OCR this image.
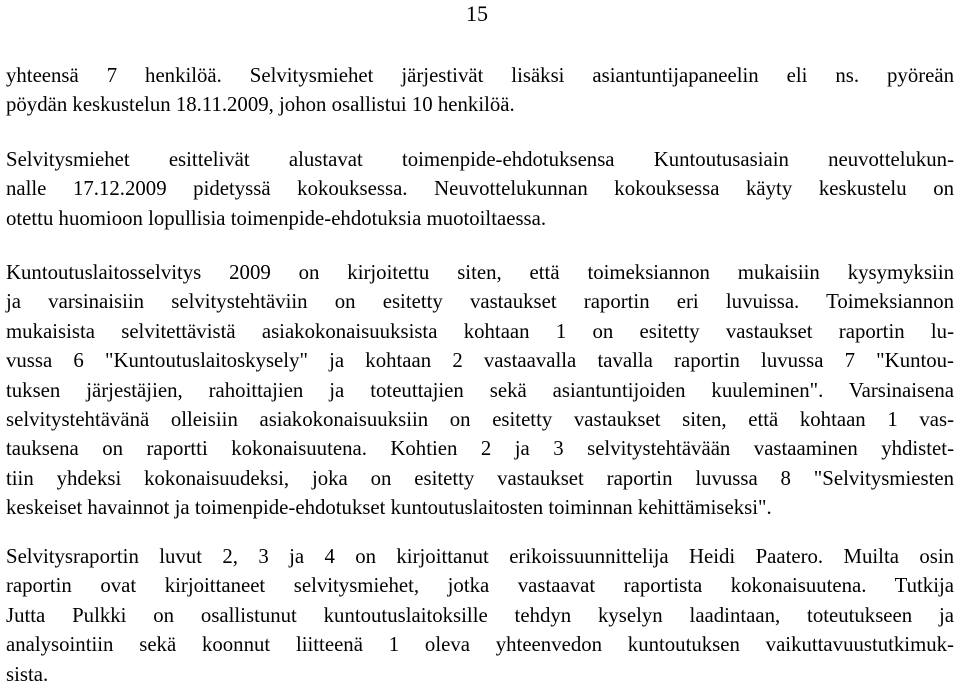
15
yhteensä 7 henkilöä. Selvitysmiehet järjestivät lisäksi asiantuntijapaneelin eli ns. pyöreän
pöydän keskustelun 18.11.2009, johon osallistui 10 henkilöä.
Selvitysmiehet esittelivät alustavat toimenpide-ehdotuksensa Kuntoutusasiain neuvottelukun-
nalle 17.12.2009 pidetyssä kokouksessa. Neuvottelukunnan kokouksessa käyty keskustelu on
otettu huomioon lopullisia toimenpide-ehdotuksia muotoiltaessa.
Kuntoutuslaitosselvitys 2009 on kirjoitettu siten, että toimeksiannon mukaisiin kysymyksiin
ja varsinaisiin selvitystehtäviin on esitetty vastaukset raportin eri luvuissa. Toimeksiannon
mukaisista selvitettävistä asiakokonaisuuksista kohtaan 1 on esitetty vastaukset raportin lu-
vussa 6 "Kuntoutuslaitoskysely" ja kohtaan 2 vastaavalla tavalla raportin luvussa 7 "Kuntou-
tuksen järjestäjien, rahoittajien ja toteuttajien sekä asiantuntijoiden kuuleminen". Varsinaisena
selvitystehtävänä olleisiin asiakokonaisuuksiin on esitetty vastaukset siten, että kohtaan 1 vas-
tauksena on raportti kokonaisuutena. Kohtien 2 ja 3 selvitystehtävään vastaaminen yhdistet-
tiin yhdeksi kokonaisuudeksi, joka on esitetty vastaukset raportin luvussa 8 "Selvitysmiesten
keskeiset havainnot ja toimenpide-ehdotukset kuntoutuslaitosten toiminnan kehittämiseksi".
Selvitysraportin luvut 2, 3 ja 4 on kirjoittanut erikoissuunnittelija Heidi Paatero. Muilta osin
raportin ovat kirjoittaneet selvitysmiehet, jotka vastaavat raportista kokonaisuutena. Tutkija
Jutta Pulkki on osallistunut kuntoutuslaitoksille tehdyn kyselyn laadintaan, toteutukseen ja
analysointiin sekä koonnut liitteenä 1 oleva yhteenvedon kuntoutuksen vaikuttavuustutkimuk-
sista.
